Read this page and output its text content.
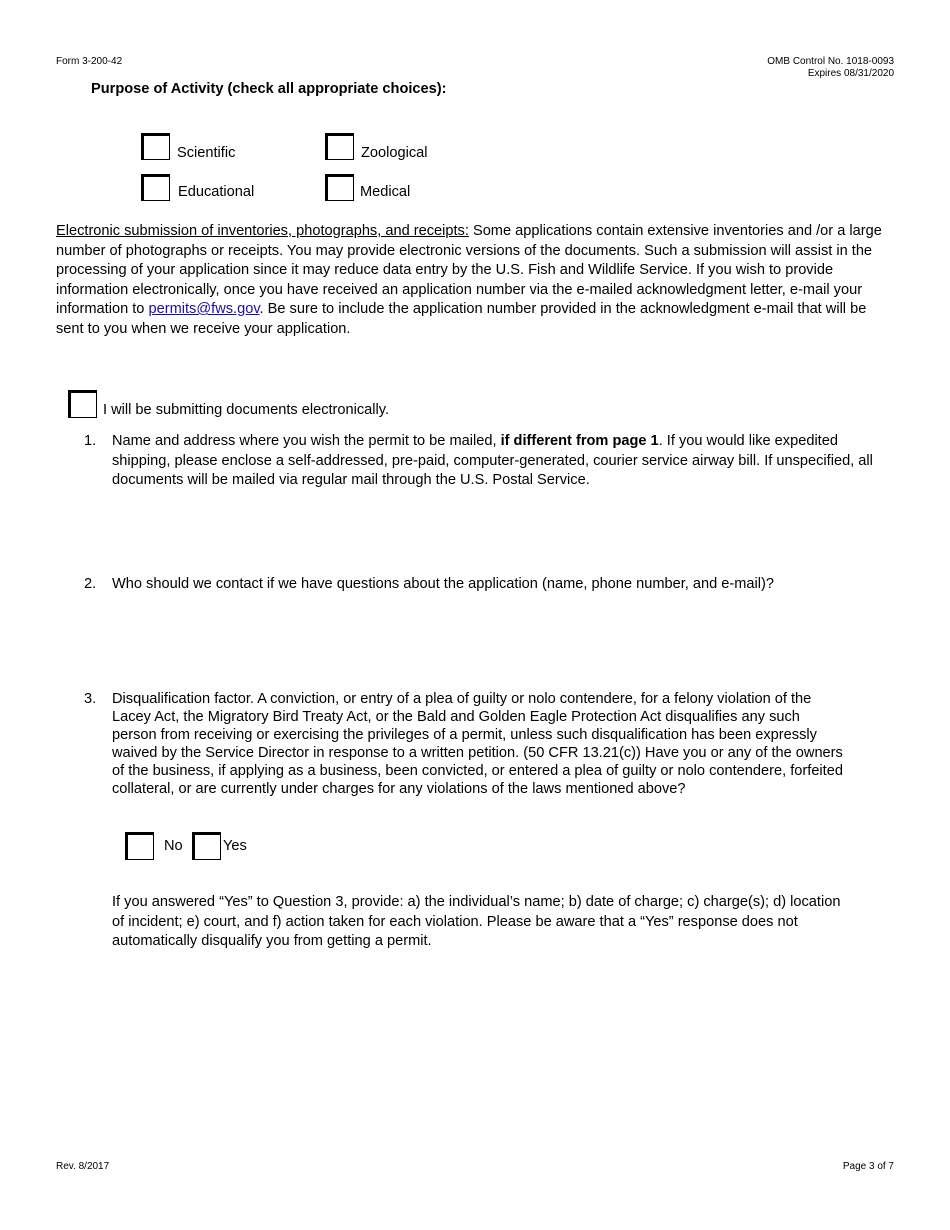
Form 3-200-42	OMB Control No. 1018-0093
Expires 08/31/2020
Purpose of Activity (check all appropriate choices):
Scientific	Zoological
Educational	Medical
Electronic submission of inventories, photographs, and receipts: Some applications contain extensive inventories and /or a large number of photographs or receipts. You may provide electronic versions of the documents. Such a submission will assist in the processing of your application since it may reduce data entry by the U.S. Fish and Wildlife Service. If you wish to provide information electronically, once you have received an application number via the e-mailed acknowledgment letter, e-mail your information to permits@fws.gov. Be sure to include the application number provided in the acknowledgment e-mail that will be sent to you when we receive your application.
I will be submitting documents electronically.
1. Name and address where you wish the permit to be mailed, if different from page 1. If you would like expedited shipping, please enclose a self-addressed, pre-paid, computer-generated, courier service airway bill. If unspecified, all documents will be mailed via regular mail through the U.S. Postal Service.
2. Who should we contact if we have questions about the application (name, phone number, and e-mail)?
3. Disqualification factor. A conviction, or entry of a plea of guilty or nolo contendere, for a felony violation of the Lacey Act, the Migratory Bird Treaty Act, or the Bald and Golden Eagle Protection Act disqualifies any such person from receiving or exercising the privileges of a permit, unless such disqualification has been expressly waived by the Service Director in response to a written petition. (50 CFR 13.21(c)) Have you or any of the owners of the business, if applying as a business, been convicted, or entered a plea of guilty or nolo contendere, forfeited collateral, or are currently under charges for any violations of the laws mentioned above?
No	Yes
If you answered “Yes” to Question 3, provide: a) the individual’s name; b) date of charge; c) charge(s); d) location of incident; e) court, and f) action taken for each violation. Please be aware that a “Yes” response does not automatically disqualify you from getting a permit.
Rev. 8/2017	Page 3 of 7
